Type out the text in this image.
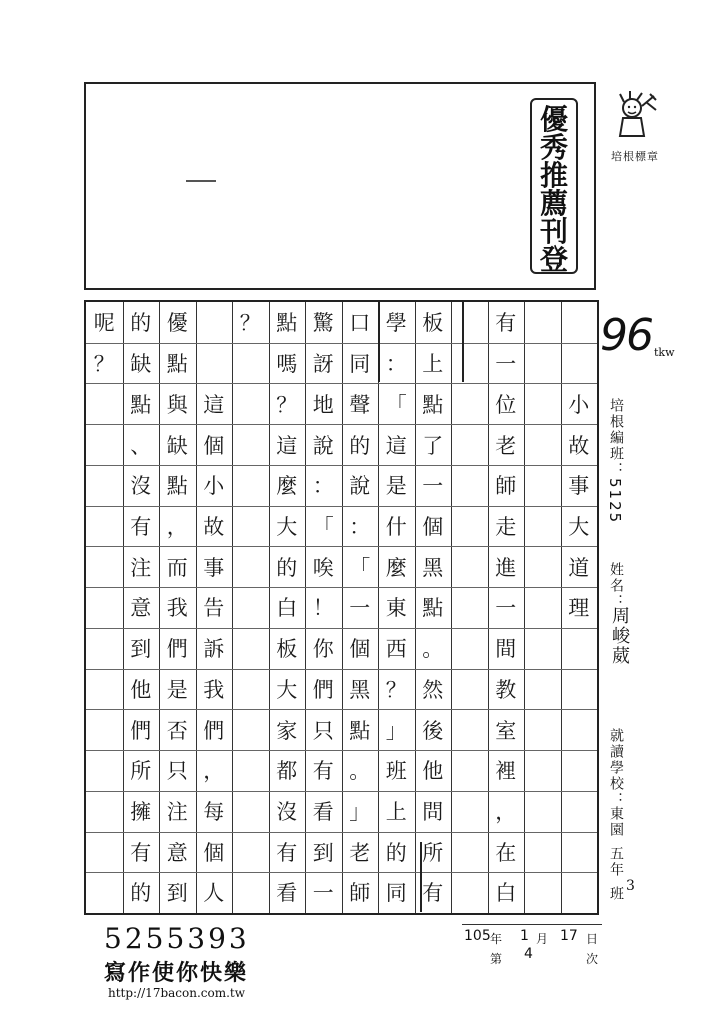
優
秀
推
薦
刊
登
培根標章
小
故
事
大
道
理
有
一
位
老
師
走
進
一
間
教
室
裡
，
在
白
板
上
點
了
一
個
黑
點
。
然
後
他
問
所
有
學
：
「
這
是
什
麼
東
西
？
」
班
上
的
同
口
同
聲
的
說
：
「
一
個
黑
點
。
」
老
師
驚
訝
地
說
：
「
唉
！
你
們
只
有
看
到
一
點
嗎
？
這
麼
大
的
白
板
大
家
都
沒
有
看
？
這
個
小
故
事
告
訴
我
們
，
每
個
人
優
點
與
缺
點
，
而
我
們
是
否
只
注
意
到
的
缺
點
、
沒
有
注
意
到
他
們
所
擁
有
的
呢
？
96 tkw
培根編班：
5125
姓名：
周峻葳
就讀學校：
東園
五年
3
班
5255393
寫作使你快樂
http://17bacon.com.tw
105 年 1 月 17 日
第 4	次
